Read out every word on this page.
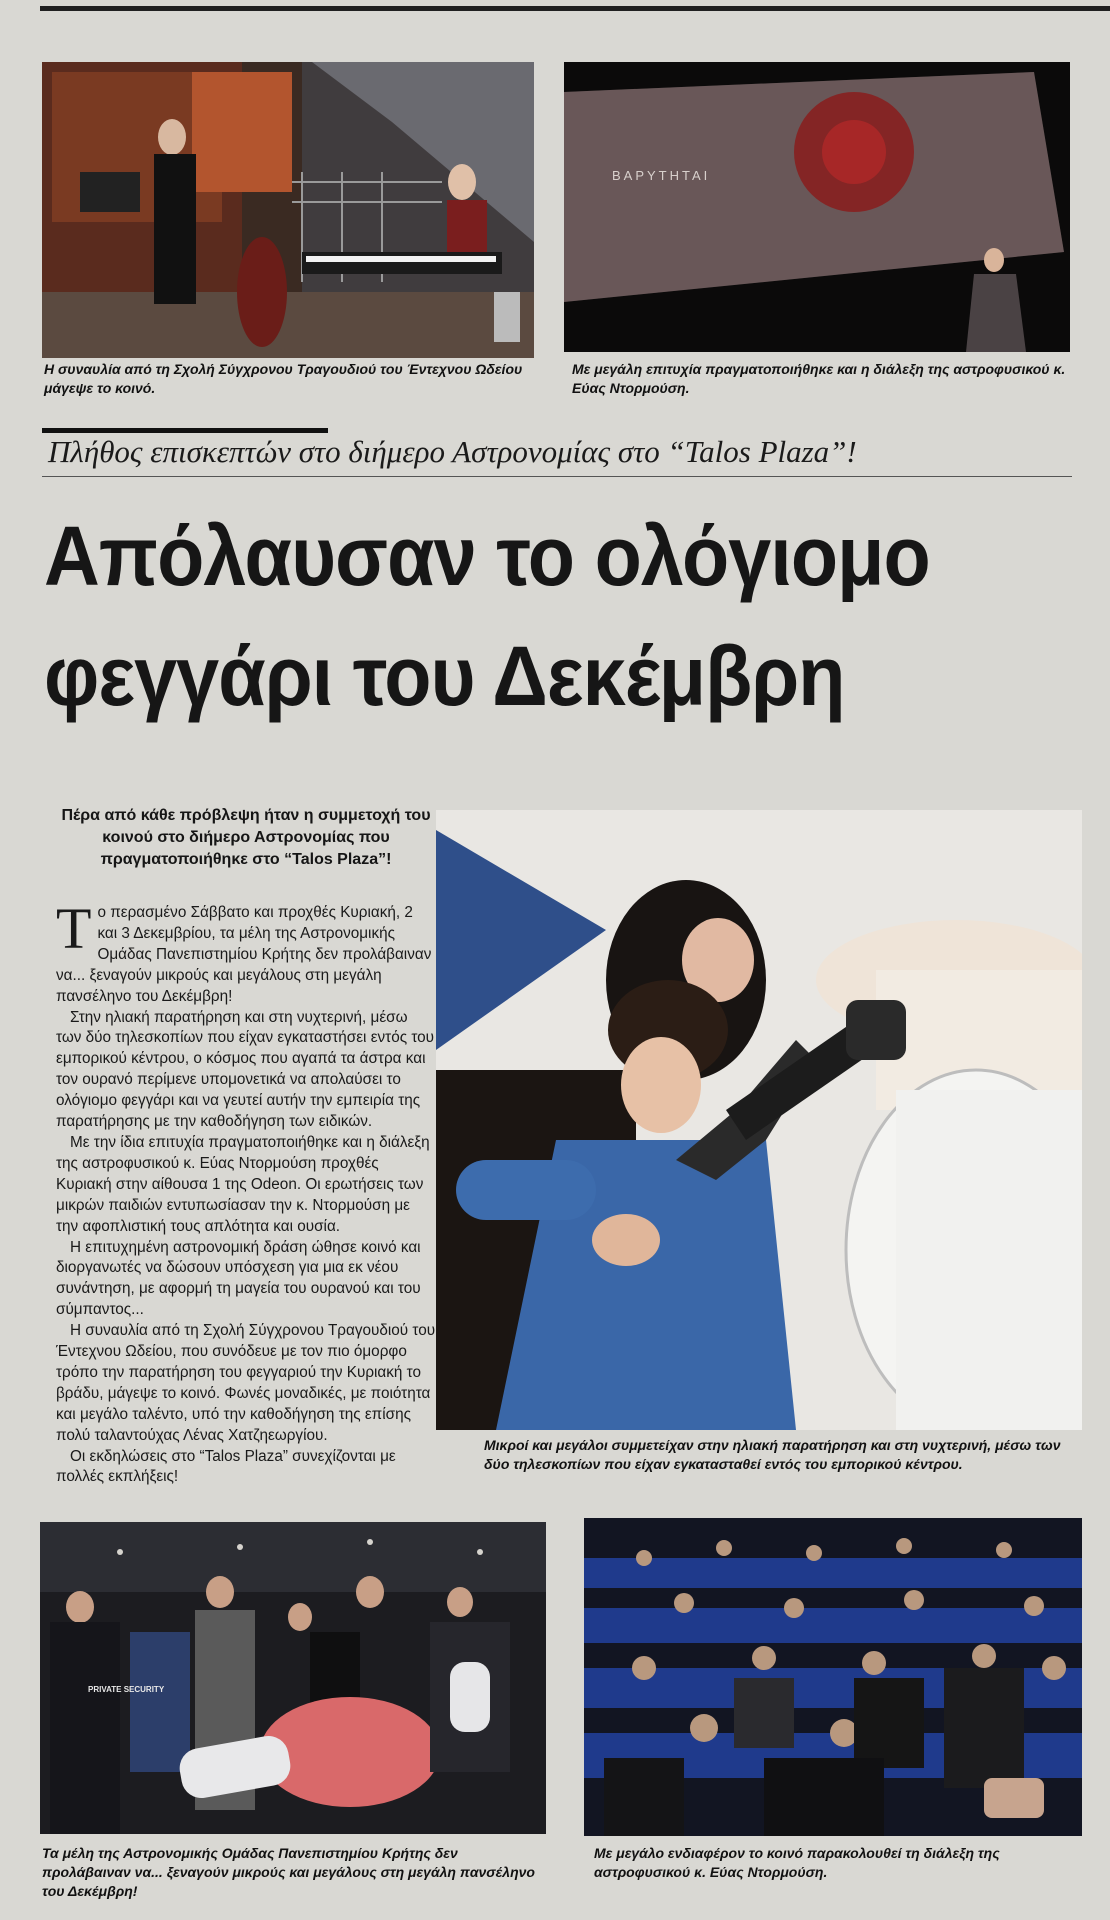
Η συναυλία από τη Σχολή Σύγχρονου Τραγουδιού του Έντεχνου Ωδείου μάγεψε το κοινό.
ΒΑΡΥΤΗΤΑΙ
Με μεγάλη επιτυχία πραγματοποιήθηκε και η διάλεξη της αστροφυσικού κ. Εύας Ντορμούση.
Πλήθος επισκεπτών στο διήμερο Αστρονομίας στο “Talos Plaza”!
Απόλαυσαν το ολόγιομο
φεγγάρι του Δεκέμβρη
Πέρα από κάθε πρόβλεψη ήταν η συμμετοχή του κοινού στο διήμερο Αστρονομίας που πραγματοποιήθηκε στο “Talos Plaza”!

Το περασμένο Σάββατο και προχθές Κυριακή, 2 και 3 Δεκεμβρίου, τα μέλη της Αστρονομικής Ομάδας Πανεπιστημίου Κρήτης δεν προλάβαιναν να... ξεναγούν μικρούς και μεγάλους στη μεγάλη πανσέληνο του Δεκέμβρη!

Στην ηλιακή παρατήρηση και στη νυχτερινή, μέσω των δύο τηλεσκοπίων που είχαν εγκαταστήσει εντός του εμπορικού κέντρου, ο κόσμος που αγαπά τα άστρα και τον ουρανό περίμενε υπομονετικά να απολαύσει το ολόγιομο φεγγάρι και να γευτεί αυτήν την εμπειρία της παρατήρησης με την καθοδήγηση των ειδικών.

Με την ίδια επιτυχία πραγματοποιήθηκε και η διάλεξη της αστροφυσικού κ. Εύας Ντορμούση προχθές Κυριακή στην αίθουσα 1 της Odeon. Οι ερωτήσεις των μικρών παιδιών εντυπωσίασαν την κ. Ντορμούση με την αφοπλιστική τους απλότητα και ουσία.

Η επιτυχημένη αστρονομική δράση ώθησε κοινό και διοργανωτές να δώσουν υπόσχεση για μια εκ νέου συνάντηση, με αφορμή τη μαγεία του ουρανού και του σύμπαντος...

Η συναυλία από τη Σχολή Σύγχρονου Τραγουδιού του Έντεχνου Ωδείου, που συνόδευε με τον πιο όμορφο τρόπο την παρατήρηση του φεγγαριού την Κυριακή το βράδυ, μάγεψε το κοινό. Φωνές μοναδικές, με ποιότητα και μεγάλο ταλέντο, υπό την καθοδήγηση της επίσης πολύ ταλαντούχας Λένας Χατζηεωργίου.

Οι εκδηλώσεις στο “Talos Plaza” συνεχίζονται με πολλές εκπλήξεις!

Μικροί και μεγάλοι συμμετείχαν στην ηλιακή παρατήρηση και στη νυχτερινή, μέσω των δύο τηλεσκοπίων που είχαν εγκατασταθεί εντός του εμπορικού κέντρου.
PRIVATE SECURITY
Τα μέλη της Αστρονομικής Ομάδας Πανεπιστημίου Κρήτης δεν προλάβαιναν να... ξεναγούν μικρούς και μεγάλους στη μεγάλη πανσέληνο του Δεκέμβρη!
Με μεγάλο ενδιαφέρον το κοινό παρακολουθεί τη διάλεξη της αστροφυσικού κ. Εύας Ντορμούση.
